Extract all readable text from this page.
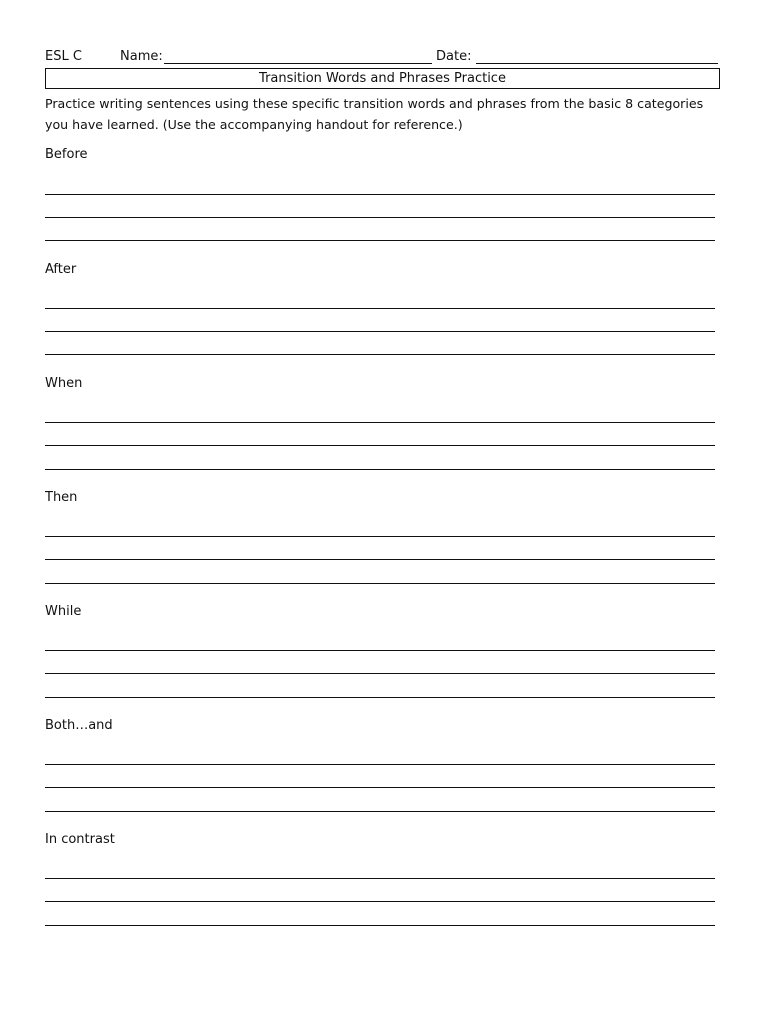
ESL C	Name:	Date:
Transition Words and Phrases Practice
Practice writing sentences using these specific transition words and phrases from the basic 8 categories you have learned. (Use the accompanying handout for reference.)
Before
After
When
Then
While
Both…and
In contrast
